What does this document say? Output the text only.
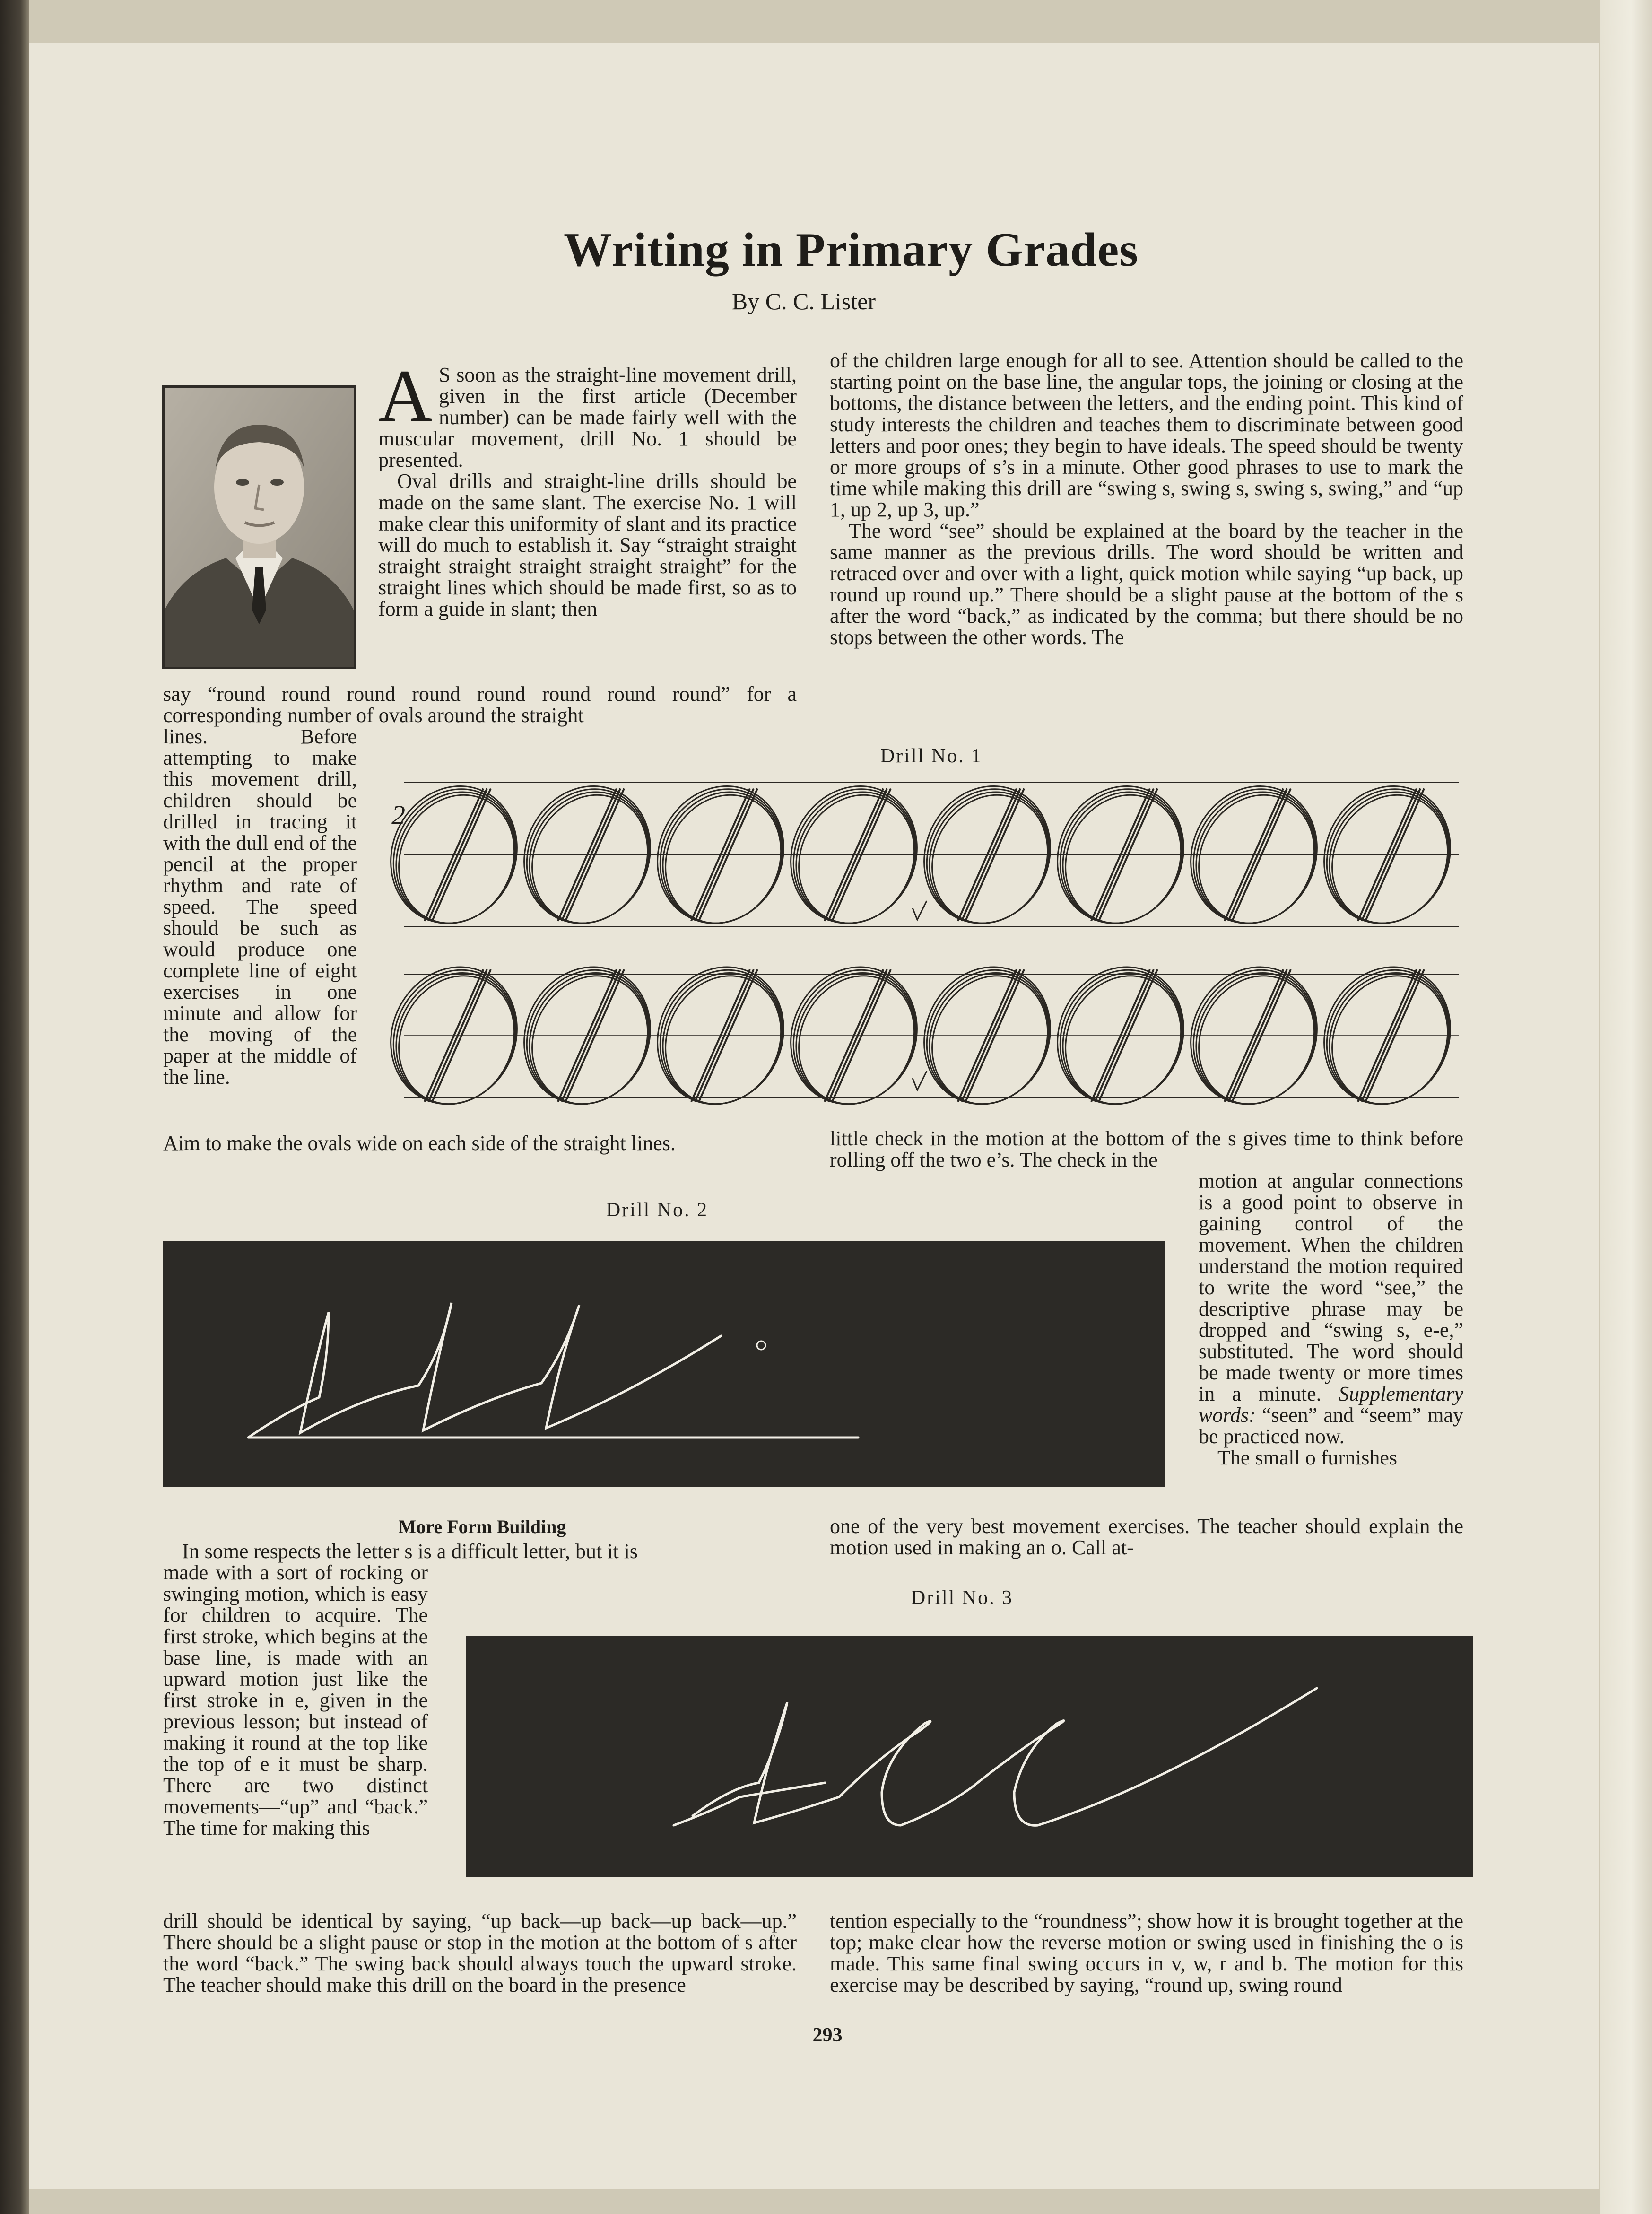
Writing in Primary Grades
By C. C. Lister
A S soon as the straight-line movement drill, given in the first article (December number) can be made fairly well with the muscular movement, drill No. 1 should be presented.

Oval drills and straight-line drills should be made on the same slant. The exercise No. 1 will make clear this uniformity of slant and its practice will do much to establish it. Say “straight straight straight straight straight straight straight” for the straight lines which should be made first, so as to form a guide in slant; then

say “round round round round round round round round” for a corresponding number of ovals around the straight

lines. Before attempting to make this movement drill, children should be drilled in tracing it with the dull end of the pencil at the proper rhythm and rate of speed. The speed should be such as would produce one complete line of eight exercises in one minute and allow for the moving of the paper at the middle of the line.

Aim to make the ovals wide on each side of the straight lines.

of the children large enough for all to see. Attention should be called to the starting point on the base line, the angular tops, the joining or closing at the bottoms, the distance between the letters, and the ending point. This kind of study interests the children and teaches them to discriminate between good letters and poor ones; they begin to have ideals. The speed should be twenty or more groups of s’s in a minute. Other good phrases to use to mark the time while making this drill are “swing s, swing s, swing s, swing,” and “up 1, up 2, up 3, up.”

The word “see” should be explained at the board by the teacher in the same manner as the previous drills. The word should be written and retraced over and over with a light, quick motion while saying “up back, up round up round up.” There should be a slight pause at the bottom of the s after the word “back,” as indicated by the comma; but there should be no stops between the other words. The

Drill No. 1
2

little check in the motion at the bottom of the s gives time to think before rolling off the two e’s. The check in the

motion at angular connections is a good point to observe in gaining control of the movement. When the children understand the motion required to write the word “see,” the descriptive phrase may be dropped and “swing s, e-e,” substituted. The word should be made twenty or more times in a minute. Supplementary words: “seen” and “seem” may be practiced now.

The small o furnishes

one of the very best movement exercises. The teacher should explain the motion used in making an o. Call at-

Drill No. 2
More Form Building

In some respects the letter s is a difficult letter, but it is

made with a sort of rocking or swinging motion, which is easy for children to acquire. The first stroke, which begins at the base line, is made with an upward motion just like the first stroke in e, given in the previous lesson; but instead of making it round at the top like the top of e it must be sharp. There are two distinct movements—“up” and “back.” The time for making this

drill should be identical by saying, “up back—up back—up back—up.” There should be a slight pause or stop in the motion at the bottom of s after the word “back.” The swing back should always touch the upward stroke. The teacher should make this drill on the board in the presence

Drill No. 3

tention especially to the “roundness”; show how it is brought together at the top; make clear how the reverse motion or swing used in finishing the o is made. This same final swing occurs in v, w, r and b. The motion for this exercise may be described by saying, “round up, swing round

293
